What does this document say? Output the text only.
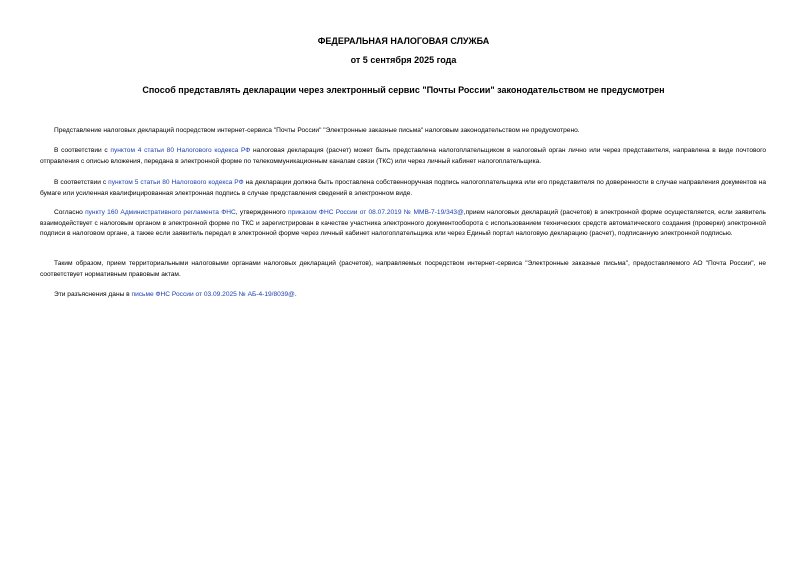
ФЕДЕРАЛЬНАЯ НАЛОГОВАЯ СЛУЖБА
от 5 сентября 2025 года
Способ представлять декларации через электронный сервис "Почты России" законодательством не предусмотрен

Представление налоговых деклараций посредством интернет-сервиса "Почты России" "Электронные заказные письма" налоговым законодательством не предусмотрено.

В соответствии с пунктом 4 статьи 80 Налогового кодекса РФ налоговая декларация (расчет) может быть представлена налогоплательщиком в налоговый орган лично или через представителя, направлена в виде почтового отправления с описью вложения, передана в электронной форме по телекоммуникационным каналам связи (ТКС) или через личный кабинет налогоплательщика.

В соответствии с пунктом 5 статьи 80 Налогового кодекса РФ на декларации должна быть проставлена собственноручная подпись налогоплательщика или его представителя по доверенности в случае направления документов на бумаге или усиленная квалифицированная электронная подпись в случае представления сведений в электронном виде.

Согласно пункту 160 Административного регламента ФНС, утвержденного приказом ФНС России от 08.07.2019 № ММВ-7-19/343@,прием налоговых деклараций (расчетов) в электронной форме осуществляется, если заявитель взаимодействует с налоговым органом в электронной форме по ТКС и зарегистрирован в качестве участника электронного документооборота с использованием технических средств автоматического создания (проверки) электронной подписи в налоговом органе, а также если заявитель передал в электронной форме через личный кабинет налогоплательщика или через Единый портал налоговую декларацию (расчет), подписанную электронной подписью.

Таким образом, прием территориальными налоговыми органами налоговых деклараций (расчетов), направляемых посредством интернет-сервиса "Электронные заказные письма", предоставляемого АО "Почта России", не соответствует нормативным правовым актам.

Эти разъяснения даны в письме ФНС России от 03.09.2025 № АБ-4-19/8039@.
